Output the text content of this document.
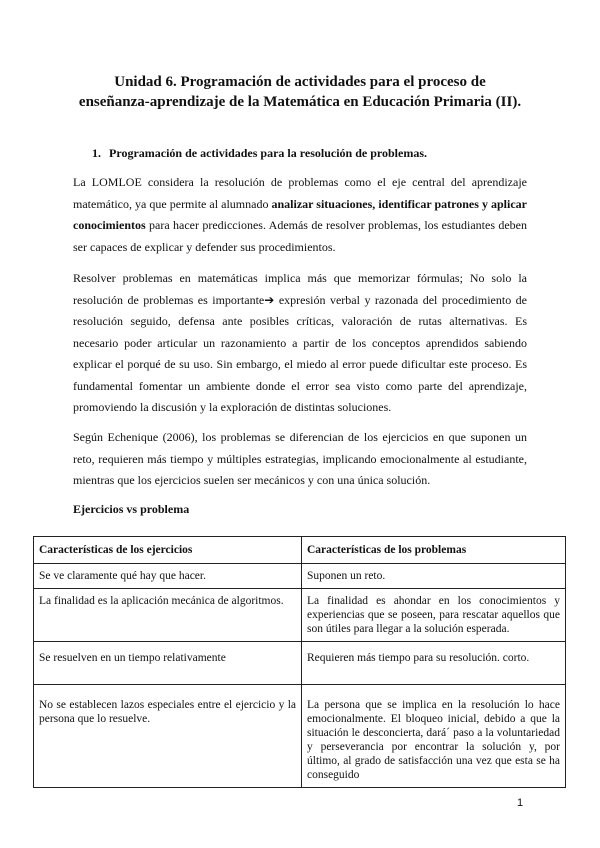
Unidad 6. Programación de actividades para el proceso de
enseñanza-aprendizaje de la Matemática en Educación Primaria (II).
1. Programación de actividades para la resolución de problemas.
La LOMLOE considera la resolución de problemas como el eje central del aprendizaje matemático, ya que permite al alumnado analizar situaciones, identificar patrones y aplicar conocimientos para hacer predicciones. Además de resolver problemas, los estudiantes deben ser capaces de explicar y defender sus procedimientos.
Resolver problemas en matemáticas implica más que memorizar fórmulas; No solo la resolución de problemas es importante➔ expresión verbal y razonada del procedimiento de resolución seguido, defensa ante posibles críticas, valoración de rutas alternativas. Es necesario poder articular un razonamiento a partir de los conceptos aprendidos sabiendo explicar el porqué de su uso. Sin embargo, el miedo al error puede dificultar este proceso. Es fundamental fomentar un ambiente donde el error sea visto como parte del aprendizaje, promoviendo la discusión y la exploración de distintas soluciones.
Según Echenique (2006), los problemas se diferencian de los ejercicios en que suponen un reto, requieren más tiempo y múltiples estrategias, implicando emocionalmente al estudiante, mientras que los ejercicios suelen ser mecánicos y con una única solución.
Ejercicios vs problema
Características de los ejercicios	Características de los problemas
Se ve claramente qué hay que hacer.	Suponen un reto.
La finalidad es la aplicación mecánica de algoritmos.	La finalidad es ahondar en los conocimientos y experiencias que se poseen, para rescatar aquellos que son útiles para llegar a la solución esperada.
Se resuelven en un tiempo relativamente	Requieren más tiempo para su resolución. corto.
No se establecen lazos especiales entre el ejercicio y la persona que lo resuelve.	La persona que se implica en la resolución lo hace emocionalmente. El bloqueo inicial, debido a que la situación le desconcierta, dará´ paso a la voluntariedad y perseverancia por encontrar la solución y, por último, al grado de satisfacción una vez que esta se ha conseguido
1
